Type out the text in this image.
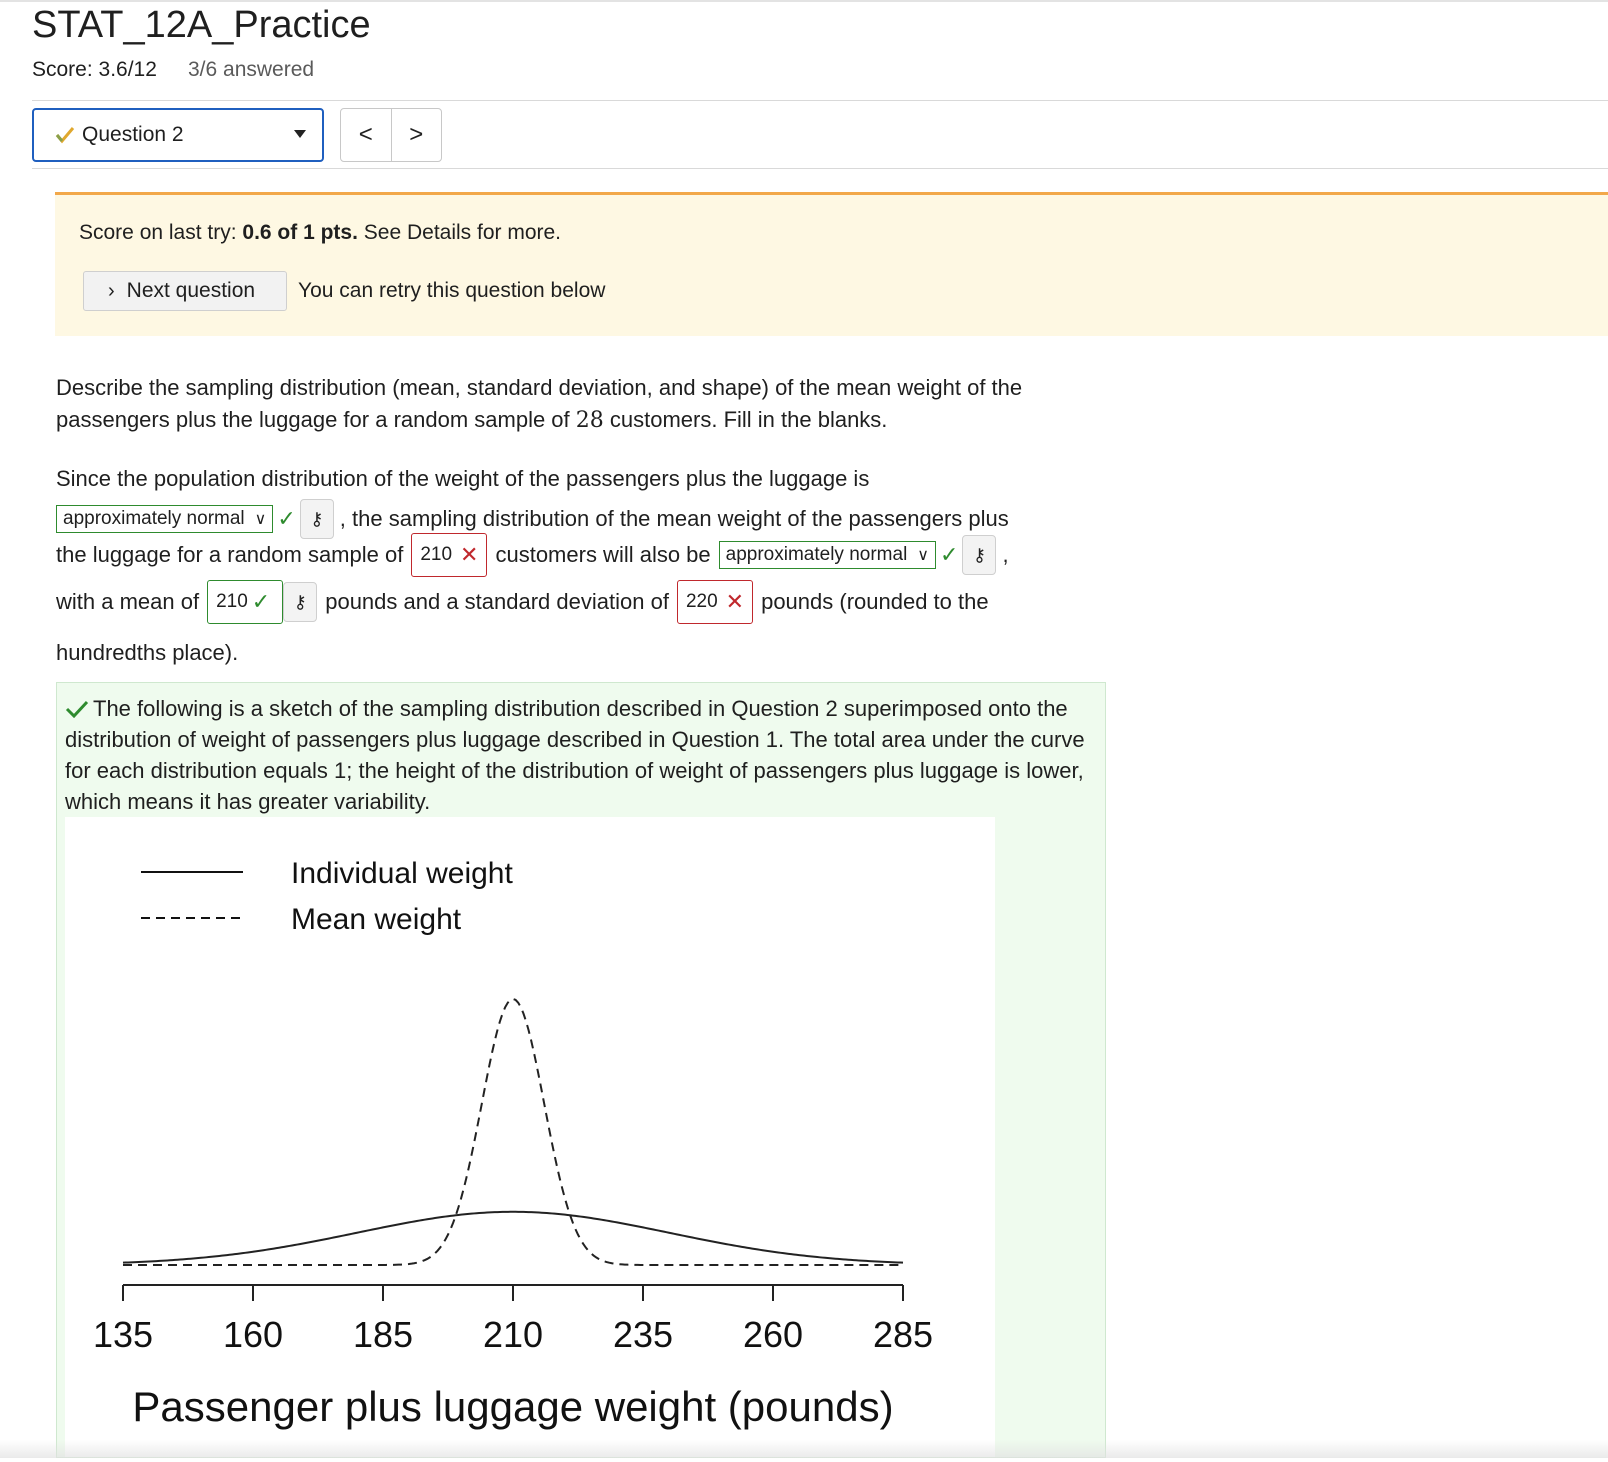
STAT_12A_Practice
Score: 3.6/12 3/6 answered
Question 2	<	>
Score on last try: 0.6 of 1 pts. See Details for more.
› Next question You can retry this question below
Describe the sampling distribution (mean, standard deviation, and shape) of the mean weight of the
passengers plus the luggage for a random sample of 28 customers. Fill in the blanks.
Since the population distribution of the weight of the passengers plus the luggage is
approximately normal ∨ ✓ ⚷ , the sampling distribution of the mean weight of the passengers plus
the luggage for a random sample of 210 ✕ customers will also be approximately normal ∨ ✓ ⚷ ,
with a mean of 210 ✓	⚷ pounds and a standard deviation of 220 ✕ pounds (rounded to the
hundredths place).
The following is a sketch of the sampling distribution described in Question 2 superimposed onto the distribution of weight of passengers plus luggage described in Question 1. The total area under the curve for each distribution equals 1; the height of the distribution of weight of passengers plus luggage is lower, which means it has greater variability.
Individual weight
Mean weight
135 160 185 210 235 260 285
Passenger plus luggage weight (pounds)
